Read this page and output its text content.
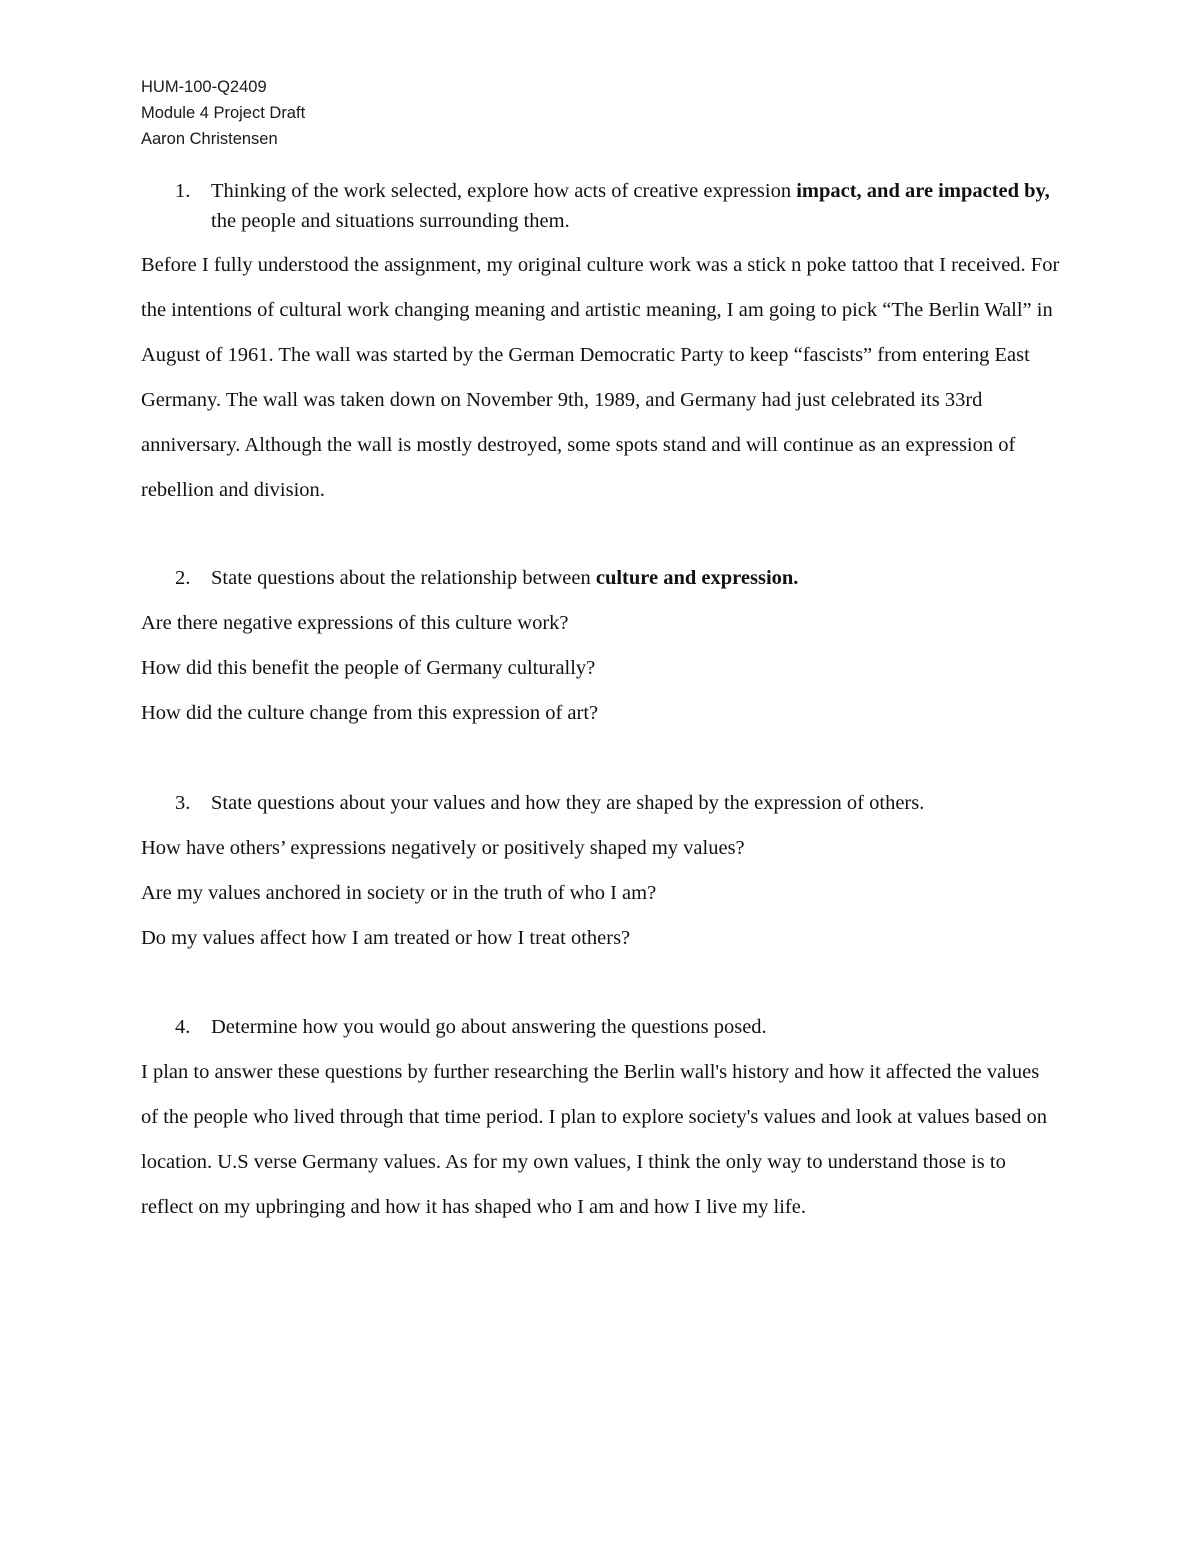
HUM-100-Q2409
Module 4 Project Draft
Aaron Christensen
1.	Thinking of the work selected, explore how acts of creative expression impact, and are impacted by, the people and situations surrounding them.
Before I fully understood the assignment, my original culture work was a stick n poke tattoo that I received. For the intentions of cultural work changing meaning and artistic meaning, I am going to pick “The Berlin Wall” in August of 1961. The wall was started by the German Democratic Party to keep “fascists” from entering East Germany. The wall was taken down on November 9th, 1989, and Germany had just celebrated its 33rd anniversary. Although the wall is mostly destroyed, some spots stand and will continue as an expression of rebellion and division.
2.	State questions about the relationship between culture and expression.
Are there negative expressions of this culture work?
How did this benefit the people of Germany culturally?
How did the culture change from this expression of art?
3.	State questions about your values and how they are shaped by the expression of others.
How have others’ expressions negatively or positively shaped my values?
Are my values anchored in society or in the truth of who I am?
Do my values affect how I am treated or how I treat others?
4.	Determine how you would go about answering the questions posed.
I plan to answer these questions by further researching the Berlin wall's history and how it affected the values of the people who lived through that time period. I plan to explore society's values and look at values based on location. U.S verse Germany values. As for my own values, I think the only way to understand those is to reflect on my upbringing and how it has shaped who I am and how I live my life.
